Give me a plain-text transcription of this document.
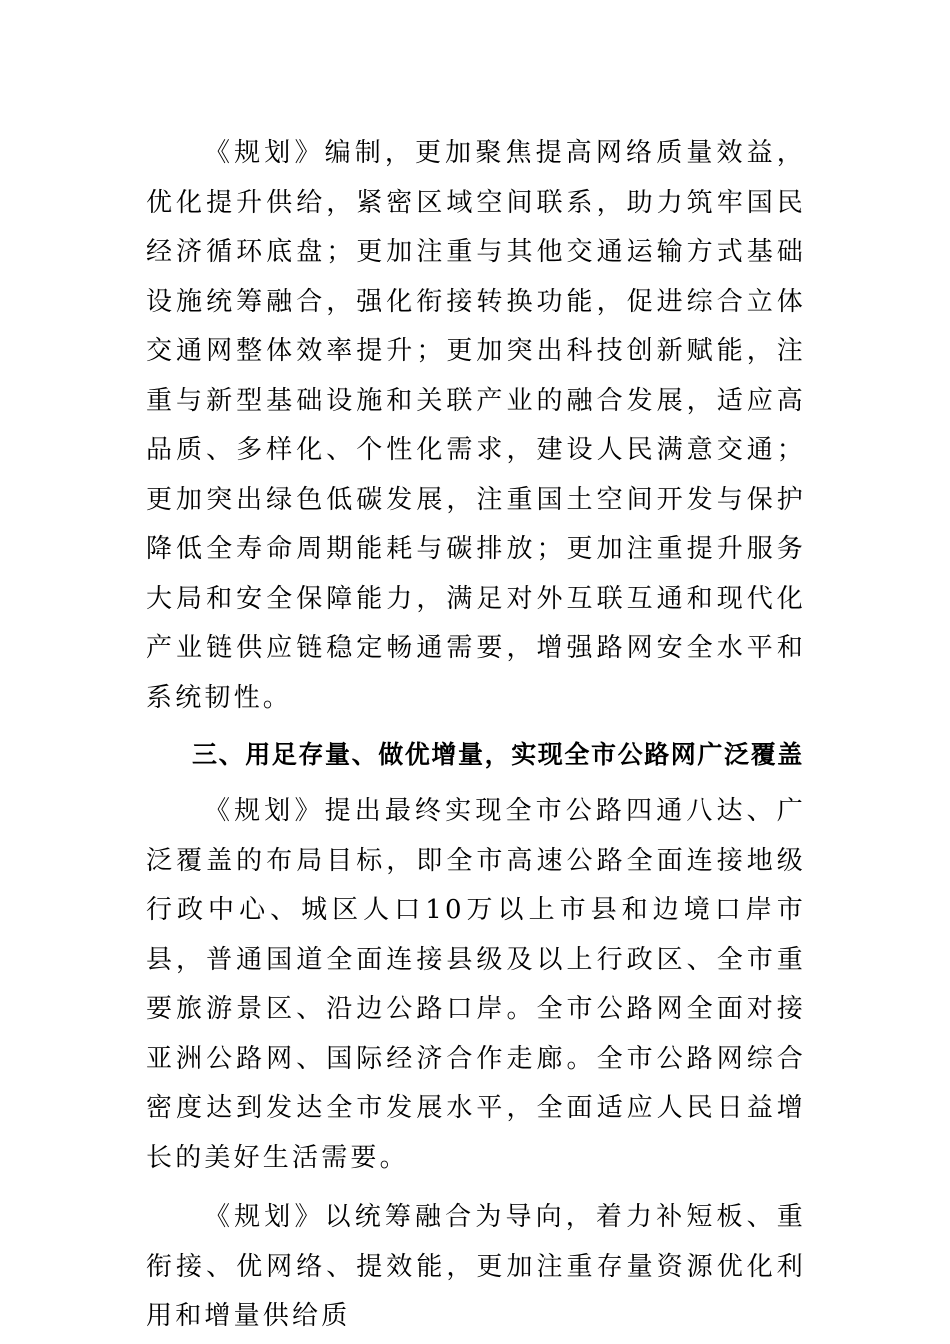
《规划》编制，更加聚焦提高网络质量效益，优化提升供给，紧密区域空间联系，助力筑牢国民经济循环底盘；更加注重与其他交通运输方式基础设施统筹融合，强化衔接转换功能，促进综合立体交通网整体效率提升；更加突出科技创新赋能，注重与新型基础设施和关联产业的融合发展，适应高品质、多样化、个性化需求，建设人民满意交通；更加突出绿色低碳发展，注重国土空间开发与保护降低全寿命周期能耗与碳排放；更加注重提升服务大局和安全保障能力，满足对外互联互通和现代化产业链供应链稳定畅通需要，增强路网安全水平和系统韧性。

三、用足存量、做优增量，实现全市公路网广泛覆盖

《规划》提出最终实现全市公路四通八达、广泛覆盖的布局目标，即全市高速公路全面连接地级行政中心、城区人口10万以上市县和边境口岸市县，普通国道全面连接县级及以上行政区、全市重要旅游景区、沿边公路口岸。全市公路网全面对接亚洲公路网、国际经济合作走廊。全市公路网综合密度达到发达全市发展水平，全面适应人民日益增长的美好生活需要。

《规划》以统筹融合为导向，着力补短板、重衔接、优网络、提效能，更加注重存量资源优化利用和增量供给质
